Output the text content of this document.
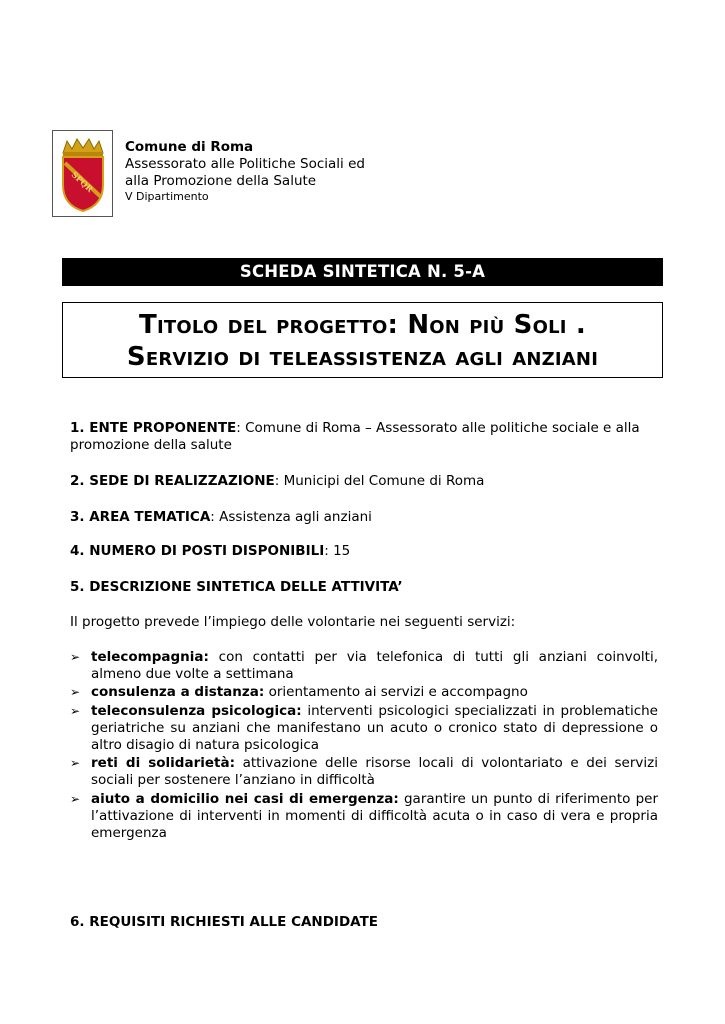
SPQR
Comune di Roma
Assessorato alle Politiche Sociali ed
alla Promozione della Salute
V Dipartimento
SCHEDA SINTETICA N. 5-A
Titolo del progetto: Non più Soli .
Servizio di teleassistenza agli anziani
1. ENTE PROPONENTE: Comune di Roma – Assessorato alle politiche sociale e alla promozione della salute
2. SEDE DI REALIZZAZIONE: Municipi del Comune di Roma
3. AREA TEMATICA: Assistenza agli anziani
4. NUMERO DI POSTI DISPONIBILI: 15
5. DESCRIZIONE SINTETICA DELLE ATTIVITA’
Il progetto prevede l’impiego delle volontarie nei seguenti servizi:
➢ telecompagnia: con contatti per via telefonica di tutti gli anziani coinvolti, almeno due volte a settimana
➢ consulenza a distanza: orientamento ai servizi e accompagno
➢ teleconsulenza psicologica: interventi psicologici specializzati in problematiche geriatriche su anziani che manifestano un acuto o cronico stato di depressione o altro disagio di natura psicologica
➢ reti di solidarietà: attivazione delle risorse locali di volontariato e dei servizi sociali per sostenere l’anziano in difficoltà
➢ aiuto a domicilio nei casi di emergenza: garantire un punto di riferimento per l’attivazione di interventi in momenti di difficoltà acuta o in caso di vera e propria emergenza
6. REQUISITI RICHIESTI ALLE CANDIDATE
